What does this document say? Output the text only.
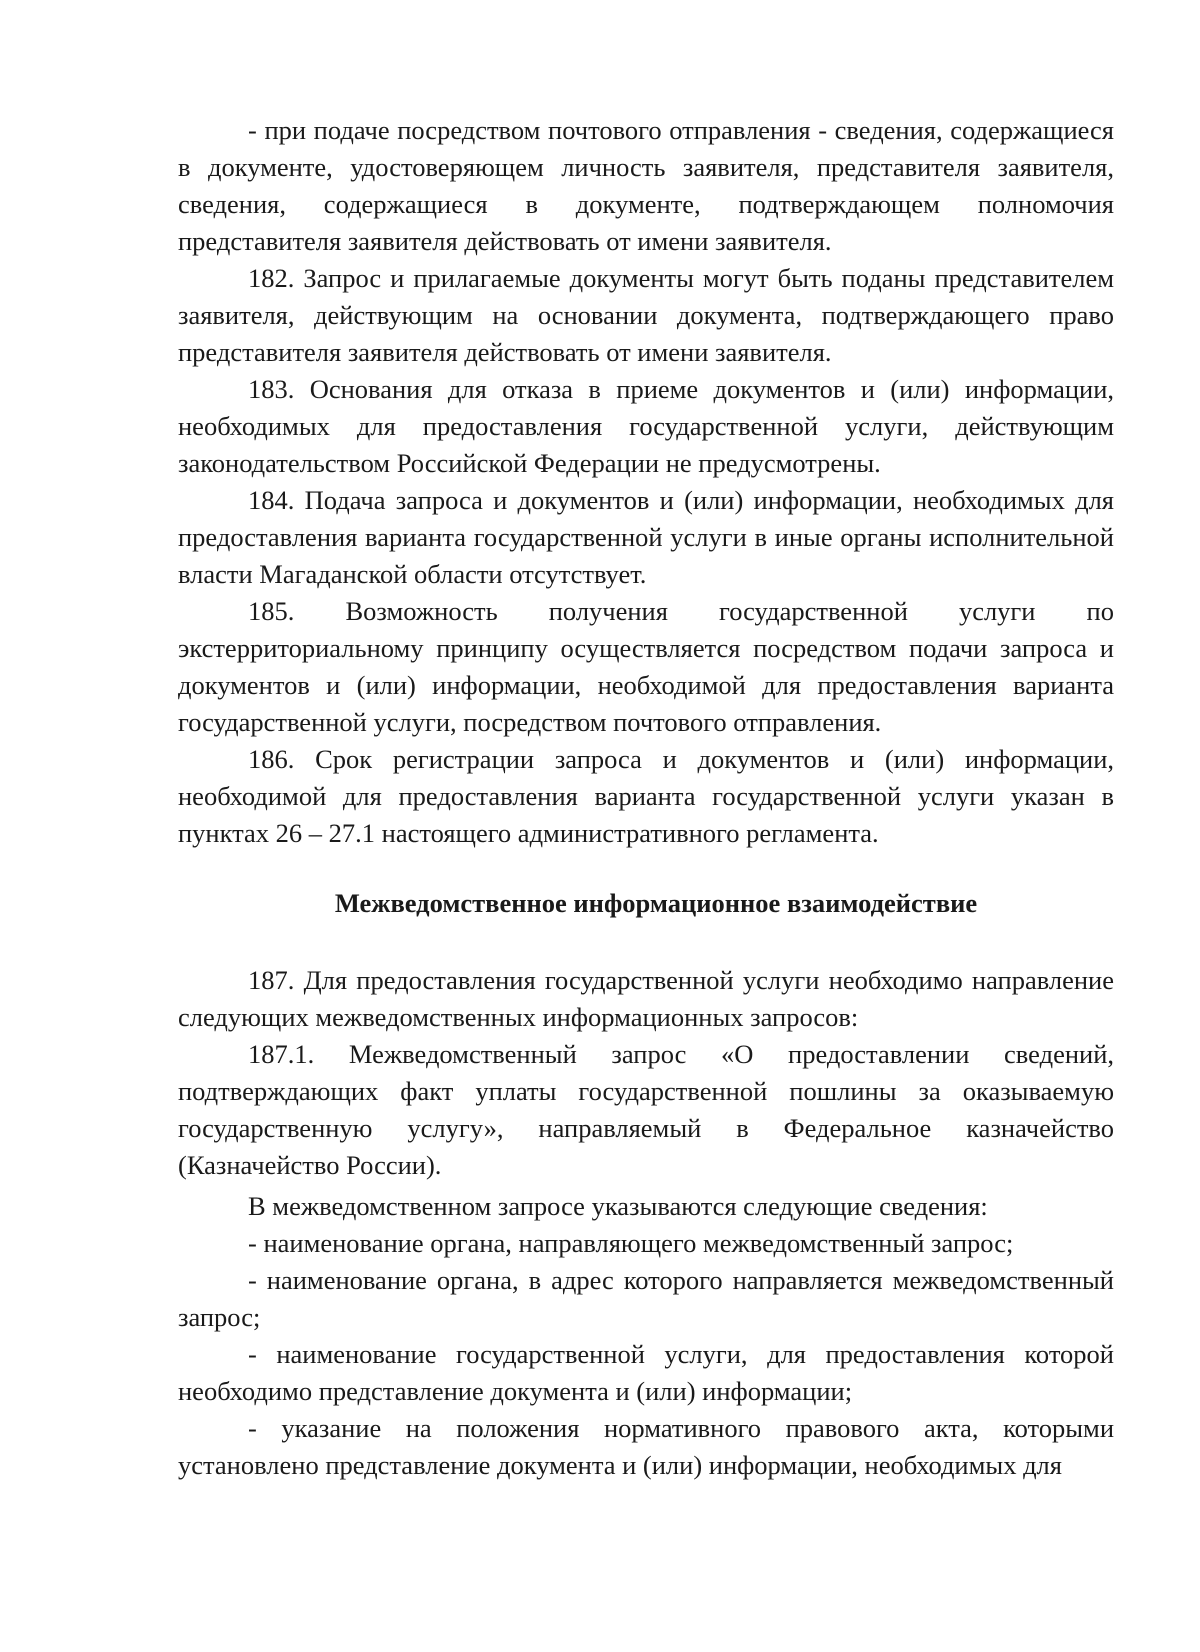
- при подаче посредством почтового отправления - сведения, содержащиеся в документе, удостоверяющем личность заявителя, представителя заявителя, сведения, содержащиеся в документе, подтверждающем полномочия представителя заявителя действовать от имени заявителя.

182. Запрос и прилагаемые документы могут быть поданы представителем заявителя, действующим на основании документа, подтверждающего право представителя заявителя действовать от имени заявителя.

183. Основания для отказа в приеме документов и (или) информации, необходимых для предоставления государственной услуги, действующим законодательством Российской Федерации не предусмотрены.

184. Подача запроса и документов и (или) информации, необходимых для предоставления варианта государственной услуги в иные органы исполнительной власти Магаданской области отсутствует.

185. Возможность получения государственной услуги по экстерриториальному принципу осуществляется посредством подачи запроса и документов и (или) информации, необходимой для предоставления варианта государственной услуги, посредством почтового отправления.

186. Срок регистрации запроса и документов и (или) информации, необходимой для предоставления варианта государственной услуги указан в пунктах 26 – 27.1 настоящего административного регламента.

Межведомственное информационное взаимодействие

187. Для предоставления государственной услуги необходимо направление следующих межведомственных информационных запросов:

187.1. Межведомственный запрос «О предоставлении сведений, подтверждающих факт уплаты государственной пошлины за оказываемую государственную услугу», направляемый в Федеральное казначейство (Казначейство России).

В межведомственном запросе указываются следующие сведения:

- наименование органа, направляющего межведомственный запрос;

- наименование органа, в адрес которого направляется межведомственный запрос;

- наименование государственной услуги, для предоставления которой необходимо представление документа и (или) информации;

- указание на положения нормативного правового акта, которыми установлено представление документа и (или) информации, необходимых для
